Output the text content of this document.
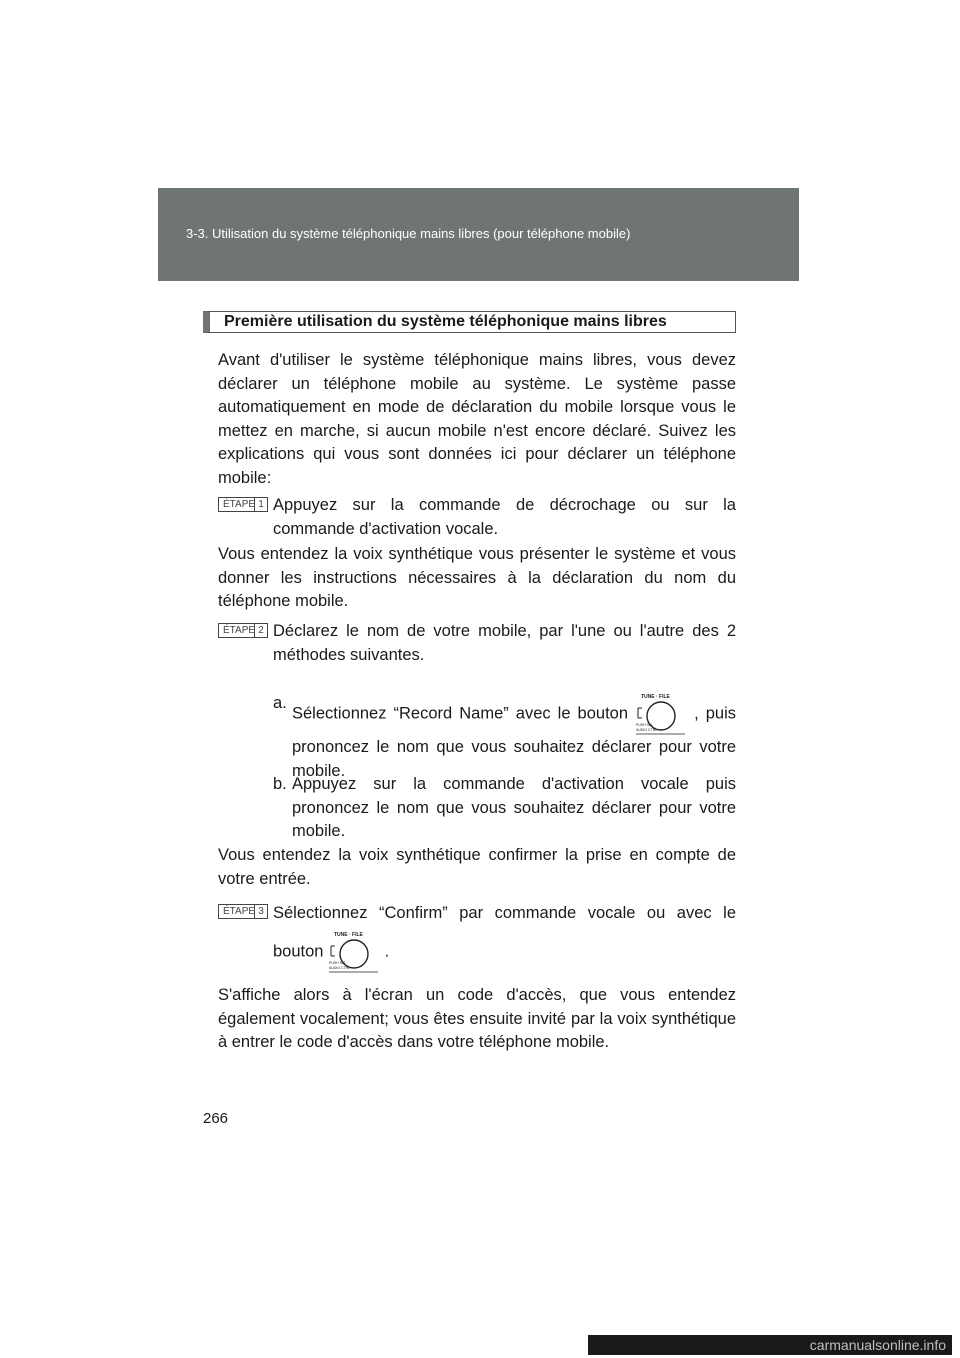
3-3. Utilisation du système téléphonique mains libres (pour téléphone mobile)
Première utilisation du système téléphonique mains libres

Avant d'utiliser le système téléphonique mains libres, vous devez déclarer un téléphone mobile au système. Le système passe automatiquement en mode de déclaration du mobile lorsque vous le mettez en marche, si aucun mobile n'est encore déclaré. Suivez les explications qui vous sont données ici pour déclarer un téléphone mobile:

ÉTAPE 1 Appuyez sur la commande de décrochage ou sur la commande d'activation vocale.

Vous entendez la voix synthétique vous présenter le système et vous donner les instructions nécessaires à la déclaration du nom du téléphone mobile.

ÉTAPE 2 Déclarez le nom de votre mobile, par l'une ou l'autre des 2 méthodes suivantes.
a.
Sélectionnez “Record Name” avec le bouton
TUNE · FILE
PUSH SEL
AUDIO CTRL
, puis prononcez le nom que vous souhaitez déclarer pour votre mobile.
b. Appuyez sur la commande d'activation vocale puis prononcez le nom que vous souhaitez déclarer pour votre mobile.

Vous entendez la voix synthétique confirmer la prise en compte de votre entrée.

ÉTAPE 3 Sélectionnez “Confirm” par commande vocale ou avec le bouton
TUNE · FILE
PUSH SEL
AUDIO CTRL
.

S'affiche alors à l'écran un code d'accès, que vous entendez également vocalement; vous êtes ensuite invité par la voix synthétique à entrer le code d'accès dans votre téléphone mobile.

266
carmanualsonline.info
